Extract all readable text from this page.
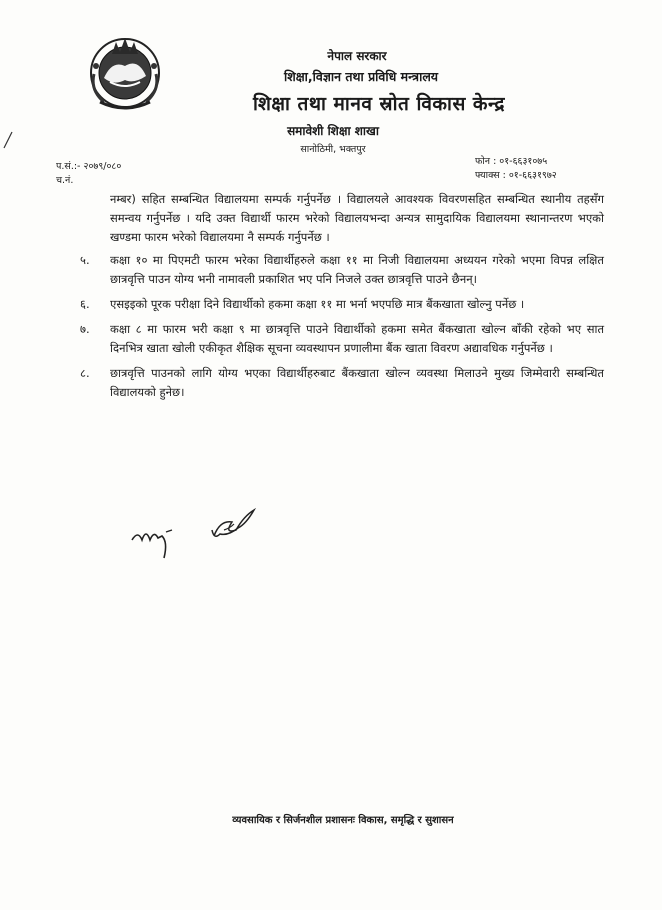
नेपाल सरकार
शिक्षा,विज्ञान तथा प्रविधि मन्त्रालय
शिक्षा तथा मानव स्रोत विकास केन्द्र
समावेशी शिक्षा शाखा
सानोठिमी, भक्तपुर
प.सं.:- २०७९/०८०
च.नं.
फोन : ०१-६६३१०७५
फ्याक्स : ०१-६६३१९७२

नम्बर) सहित सम्बन्धित विद्यालयमा सम्पर्क गर्नुपर्नेछ । विद्यालयले आवश्यक विवरणसहित सम्बन्धित स्थानीय तहसँग समन्वय गर्नुपर्नेछ । यदि उक्त विद्यार्थी फारम भरेको विद्यालयभन्दा अन्यत्र सामुदायिक विद्यालयमा स्थानान्तरण भएको खण्डमा फारम भरेको विद्यालयमा नै सम्पर्क गर्नुपर्नेछ ।

५.	कक्षा १० मा पिएमटी फारम भरेका विद्यार्थीहरुले कक्षा ११ मा निजी विद्यालयमा अध्ययन गरेको भएमा विपन्न लक्षित छात्रवृत्ति पाउन योग्य भनी नामावली प्रकाशित भए पनि निजले उक्त छात्रवृत्ति पाउने छैनन्।
६.	एसइइको पूरक परीक्षा दिने विद्यार्थीको हकमा कक्षा ११ मा भर्ना भएपछि मात्र बैंकखाता खोल्नु पर्नेछ ।
७.	कक्षा ८ मा फारम भरी कक्षा ९ मा छात्रवृत्ति पाउने विद्यार्थीको हकमा समेत बैंकखाता खोल्न बाँकी रहेको भए सात दिनभित्र खाता खोली एकीकृत शैक्षिक सूचना व्यवस्थापन प्रणालीमा बैंक खाता विवरण अद्यावधिक गर्नुपर्नेछ ।
८.	छात्रवृत्ति पाउनको लागि योग्य भएका विद्यार्थीहरुबाट बैंकखाता खोल्न व्यवस्था मिलाउने मुख्य जिम्मेवारी सम्बन्धित विद्यालयको हुनेछ।
व्यवसायिक र सिर्जनशील प्रशासनः विकास, समृद्धि र सुशासन
